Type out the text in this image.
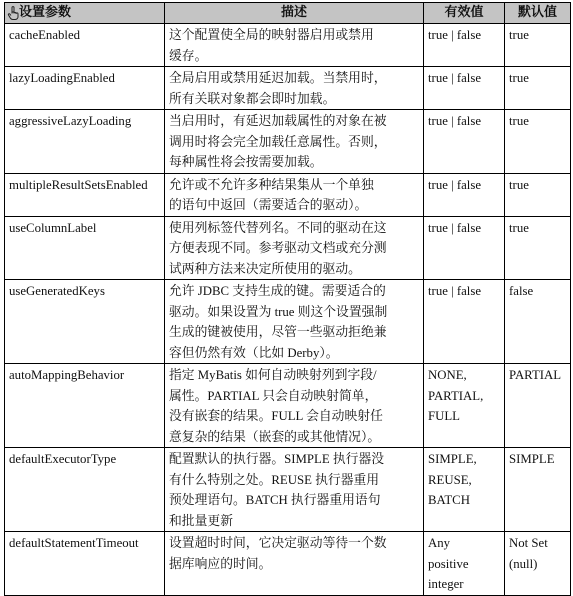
设置参数	描述	有效值	默认值
cacheEnabled	这个配置使全局的映射器启用或禁用
缓存。	true | false	true

lazyLoadingEnabled	全局启用或禁用延迟加载。当禁用时，
所有关联对象都会即时加载。	true | false	true

aggressiveLazyLoading	当启用时，有延迟加载属性的对象在被
调用时将会完全加载任意属性。否则，
每种属性将会按需要加载。	true | false	true

multipleResultSetsEnabled	允许或不允许多种结果集从一个单独
的语句中返回（需要适合的驱动）。	true | false	true

useColumnLabel	使用列标签代替列名。不同的驱动在这
方便表现不同。参考驱动文档或充分测
试两种方法来决定所使用的驱动。	true | false	true

useGeneratedKeys	允许 JDBC 支持生成的键。需要适合的
驱动。如果设置为 true 则这个设置强制
生成的键被使用，尽管一些驱动拒绝兼
容但仍然有效（比如 Derby）。	true | false	false

autoMappingBehavior	指定 MyBatis 如何自动映射列到字段/
属性。PARTIAL 只会自动映射简单，
没有嵌套的结果。FULL 会自动映射任
意复杂的结果（嵌套的或其他情况）。	NONE,
PARTIAL,
FULL	PARTIAL

defaultExecutorType	配置默认的执行器。SIMPLE 执行器没
有什么特别之处。REUSE 执行器重用
预处理语句。BATCH 执行器重用语句
和批量更新	SIMPLE,
REUSE,
BATCH	SIMPLE

defaultStatementTimeout	设置超时时间，它决定驱动等待一个数
据库响应的时间。	Any
positive
integer	Not Set
(null)
